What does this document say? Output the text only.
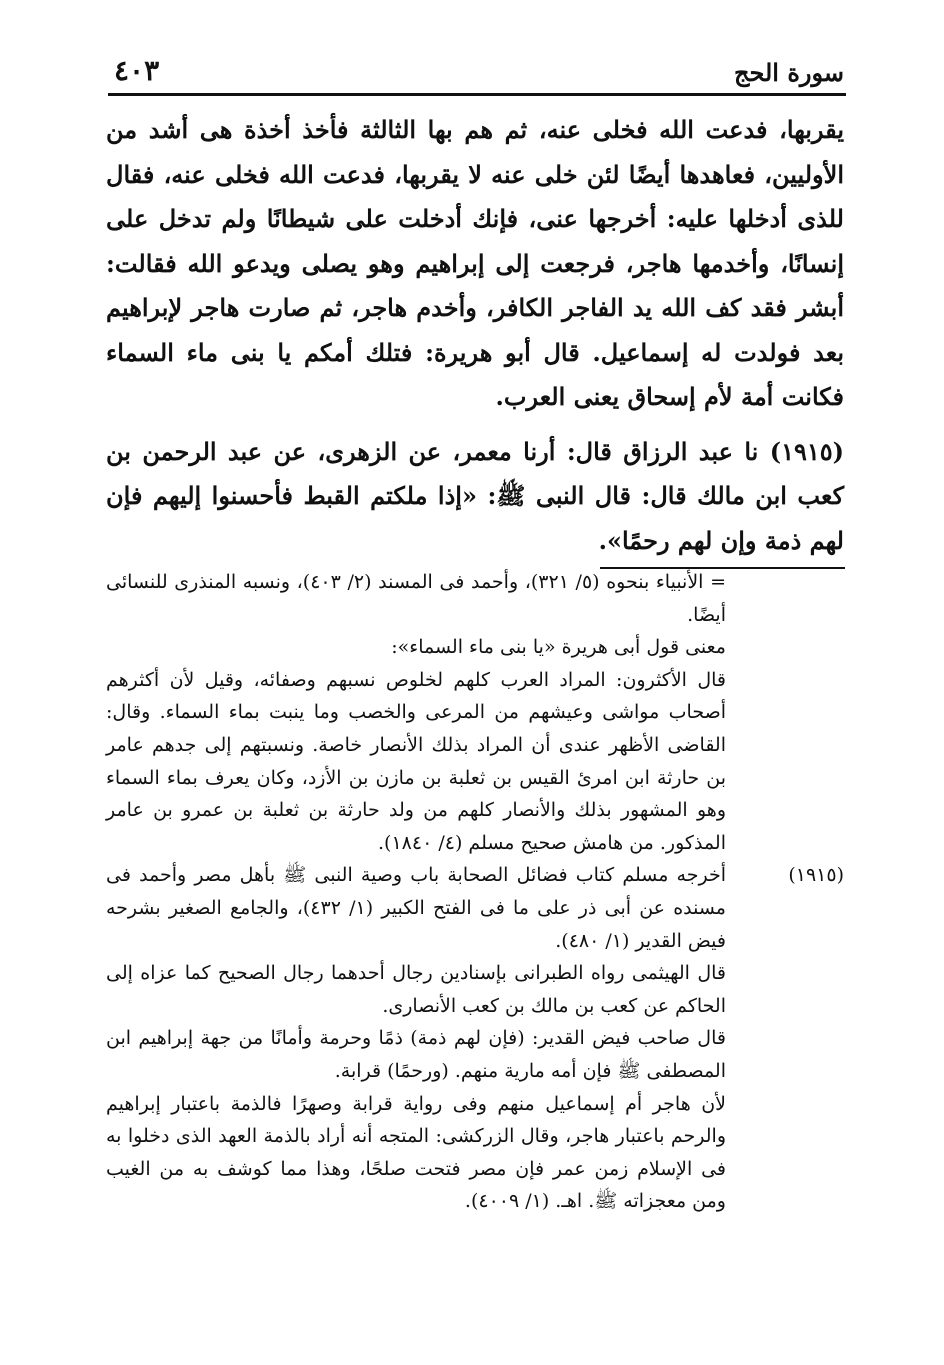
سورة الحج
٤٠٣

يقربها، فدعت الله فخلى عنه، ثم هم بها الثالثة فأخذ أخذة هى أشد من الأوليين، فعاهدها أيضًا لئن خلى عنه لا يقربها، فدعت الله فخلى عنه، فقال للذى أدخلها عليه: أخرجها عنى، فإنك أدخلت على شيطانًا ولم تدخل على إنسانًا، وأخدمها هاجر، فرجعت إلى إبراهيم وهو يصلى ويدعو الله فقالت: أبشر فقد كف الله يد الفاجر الكافر، وأخدم هاجر، ثم صارت هاجر لإبراهيم بعد فولدت له إسماعيل. قال أبو هريرة: فتلك أمكم يا بنى ماء السماء فكانت أمة لأم إسحاق يعنى العرب.

(١٩١٥) نا عبد الرزاق قال: أرنا معمر، عن الزهرى، عن عبد الرحمن بن كعب ابن مالك قال: قال النبى ﷺ: «إذا ملكتم القبط فأحسنوا إليهم فإن لهم ذمة وإن لهم رحمًا».

= الأنبياء بنحوه (٥/ ٣٢١)، وأحمد فى المسند (٢/ ٤٠٣)، ونسبه المنذرى للنسائى أيضًا.

معنى قول أبى هريرة «يا بنى ماء السماء»:

قال الأكثرون: المراد العرب كلهم لخلوص نسبهم وصفائه، وقيل لأن أكثرهم أصحاب مواشى وعيشهم من المرعى والخصب وما ينبت بماء السماء. وقال: القاضى الأظهر عندى أن المراد بذلك الأنصار خاصة. ونسبتهم إلى جدهم عامر بن حارثة ابن امرئ القيس بن ثعلبة بن مازن بن الأزد، وكان يعرف بماء السماء وهو المشهور بذلك والأنصار كلهم من ولد حارثة بن ثعلبة بن عمرو بن عامر المذكور. من هامش صحيح مسلم (٤/ ١٨٤٠).

(١٩١٥)
أخرجه مسلم كتاب فضائل الصحابة باب وصية النبى ﷺ بأهل مصر وأحمد فى مسنده عن أبى ذر على ما فى الفتح الكبير (١/ ٤٣٢)، والجامع الصغير بشرحه فيض القدير (١/ ٤٨٠).

قال الهيثمى رواه الطبرانى بإسنادين رجال أحدهما رجال الصحيح كما عزاه إلى الحاكم عن كعب بن مالك بن كعب الأنصارى.

قال صاحب فيض القدير: (فإن لهم ذمة) ذمًا وحرمة وأمانًا من جهة إبراهيم ابن المصطفى ﷺ فإن أمه مارية منهم. (ورحمًا) قرابة.

لأن هاجر أم إسماعيل منهم وفى رواية قرابة وصهرًا فالذمة باعتبار إبراهيم والرحم باعتبار هاجر، وقال الزركشى: المتجه أنه أراد بالذمة العهد الذى دخلوا به فى الإسلام زمن عمر فإن مصر فتحت صلحًا، وهذا مما كوشف به من الغيب ومن معجزاته ﷺ. اهـ. (١/ ٤٠٠٩).
